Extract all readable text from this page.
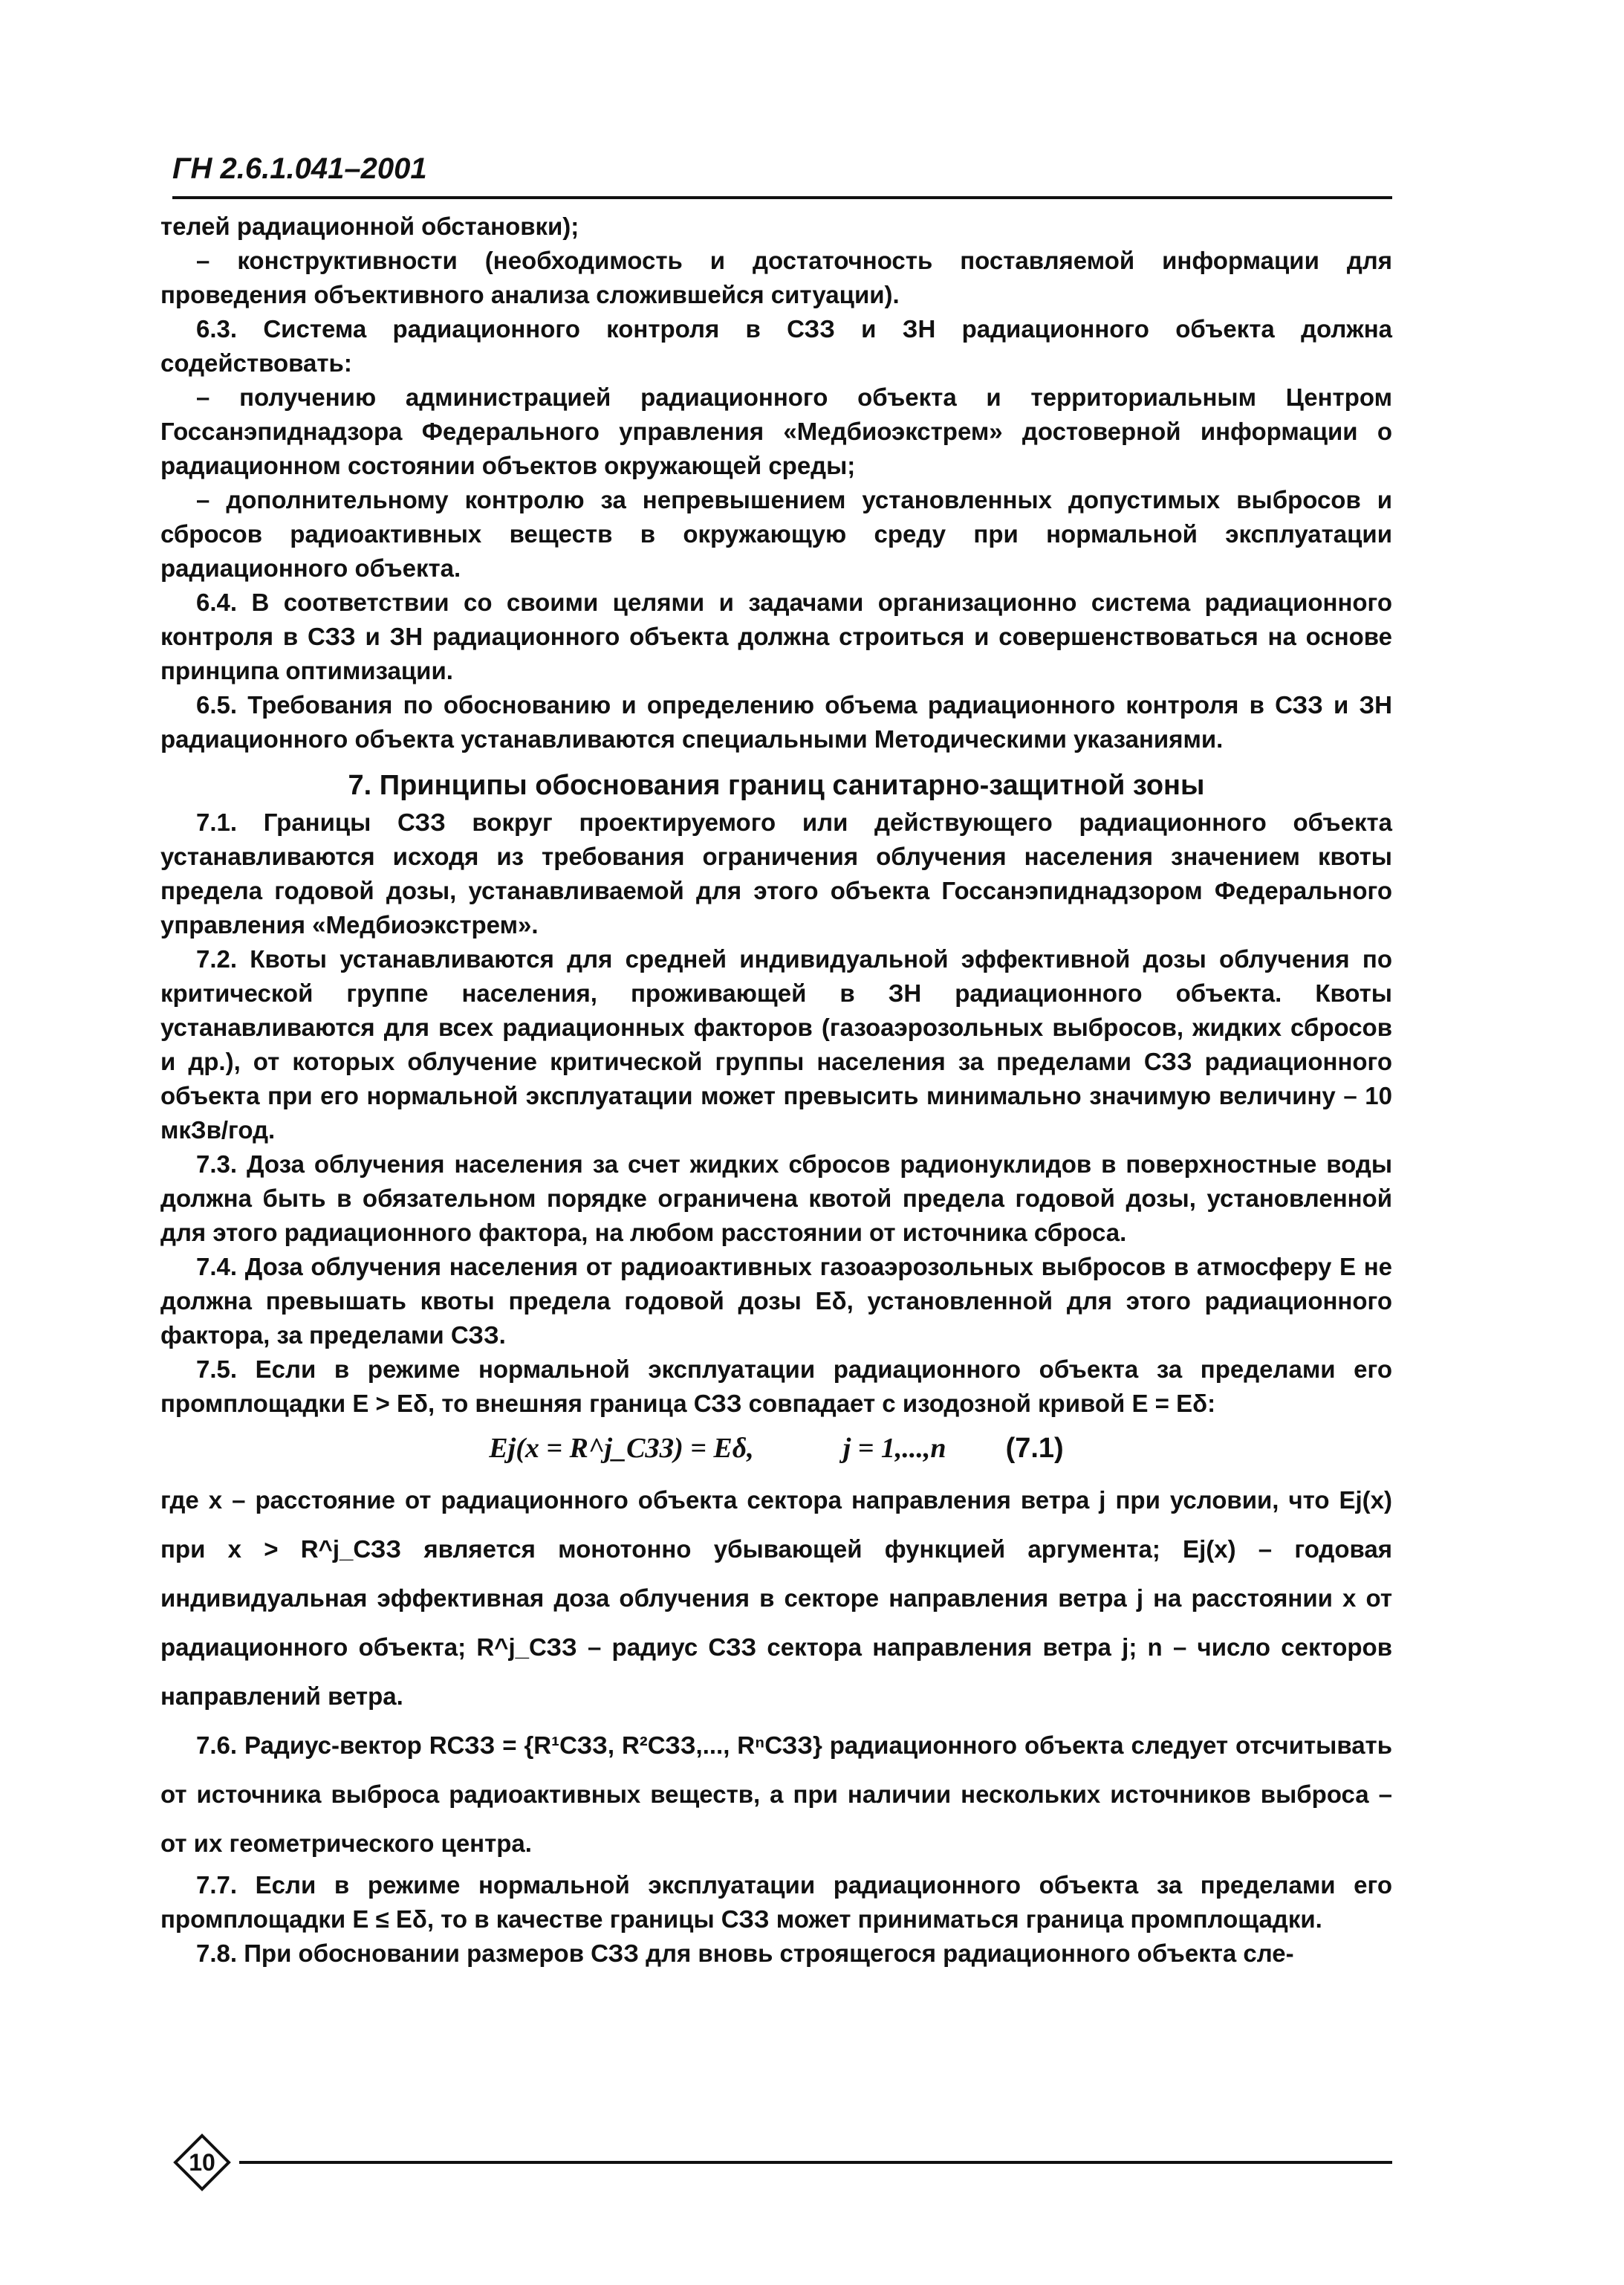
ГН 2.6.1.041–2001

телей радиационной обстановки);

– конструктивности (необходимость и достаточность поставляемой информации для проведения объективного анализа сложившейся ситуации).

6.3. Система радиационного контроля в СЗЗ и ЗН радиационного объекта должна содействовать:

– получению администрацией радиационного объекта и территориальным Центром Госсанэпиднадзора Федерального управления «Медбиоэкстрем» достоверной информации о радиационном состоянии объектов окружающей среды;

– дополнительному контролю за непревышением установленных допустимых выбросов и сбросов радиоактивных веществ в окружающую среду при нормальной эксплуатации радиационного объекта.

6.4. В соответствии со своими целями и задачами организационно система радиационного контроля в СЗЗ и ЗН радиационного объекта должна строиться и совершенствоваться на основе принципа оптимизации.

6.5. Требования по обоснованию и определению объема радиационного контроля в СЗЗ и ЗН радиационного объекта устанавливаются специальными Методическими указаниями.

7. Принципы обоснования границ санитарно-защитной зоны

7.1. Границы СЗЗ вокруг проектируемого или действующего радиационного объекта устанавливаются исходя из требования ограничения облучения населения значением квоты предела годовой дозы, устанавливаемой для этого объекта Госсанэпиднадзором Федерального управления «Медбиоэкстрем».

7.2. Квоты устанавливаются для средней индивидуальной эффективной дозы облучения по критической группе населения, проживающей в ЗН радиационного объекта. Квоты устанавливаются для всех радиационных факторов (газоаэрозольных выбросов, жидких сбросов и др.), от которых облучение критической группы населения за пределами СЗЗ радиационного объекта при его нормальной эксплуатации может превысить минимально значимую величину – 10 мкЗв/год.

7.3. Доза облучения населения за счет жидких сбросов радионуклидов в поверхностные воды должна быть в обязательном порядке ограничена квотой предела годовой дозы, установленной для этого радиационного фактора, на любом расстоянии от источника сброса.

7.4. Доза облучения населения от радиоактивных газоаэрозольных выбросов в атмосферу E не должна превышать квоты предела годовой дозы Eδ, установленной для этого радиационного фактора, за пределами СЗЗ.

7.5. Если в режиме нормальной эксплуатации радиационного объекта за пределами его промплощадки E > Eδ, то внешняя граница СЗЗ совпадает с изодозной кривой E = Eδ:

Ej(x = R^j_СЗЗ) = Eδ,	j = 1,...,n (7.1)

где x – расстояние от радиационного объекта сектора направления ветра j при условии, что Ej(x) при x > R^j_СЗЗ является монотонно убывающей функцией аргумента; Ej(x) – годовая индивидуальная эффективная доза облучения в секторе направления ветра j на расстоянии x от радиационного объекта; R^j_СЗЗ – радиус СЗЗ сектора направления ветра j; n – число секторов направлений ветра.

7.6. Радиус-вектор RСЗЗ = {R¹СЗЗ, R²СЗЗ,..., RⁿСЗЗ} радиационного объекта следует отсчитывать от источника выброса радиоактивных веществ, а при наличии нескольких источников выброса – от их геометрического центра.

7.7. Если в режиме нормальной эксплуатации радиационного объекта за пределами его промплощадки E ≤ Eδ, то в качестве границы СЗЗ может приниматься граница промплощадки.

7.8. При обосновании размеров СЗЗ для вновь строящегося радиационного объекта сле-

10
